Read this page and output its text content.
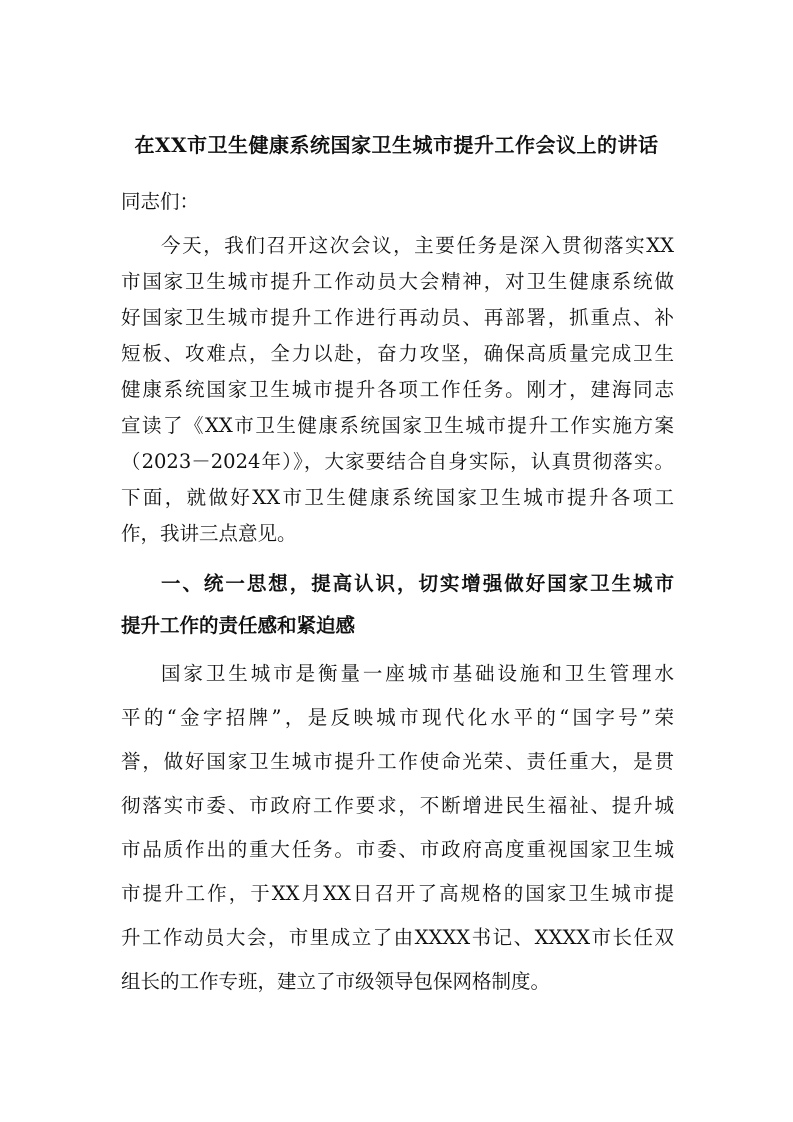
在XX市卫生健康系统国家卫生城市提升工作会议上的讲话
同志们：
今天，我们召开这次会议，主要任务是深入贯彻落实XX
市国家卫生城市提升工作动员大会精神，对卫生健康系统做
好国家卫生城市提升工作进行再动员、再部署，抓重点、补
短板、攻难点，全力以赴，奋力攻坚，确保高质量完成卫生
健康系统国家卫生城市提升各项工作任务。刚才，建海同志
宣读了《XX市卫生健康系统国家卫生城市提升工作实施方案
（2023－2024年）》，大家要结合自身实际，认真贯彻落实。
下面，就做好XX市卫生健康系统国家卫生城市提升各项工
作，我讲三点意见。
一、统一思想，提高认识，切实增强做好国家卫生城市
提升工作的责任感和紧迫感
国家卫生城市是衡量一座城市基础设施和卫生管理水
平的“金字招牌”，是反映城市现代化水平的“国字号”荣
誉，做好国家卫生城市提升工作使命光荣、责任重大，是贯
彻落实市委、市政府工作要求，不断增进民生福祉、提升城
市品质作出的重大任务。市委、市政府高度重视国家卫生城
市提升工作，于XX月XX日召开了高规格的国家卫生城市提
升工作动员大会，市里成立了由XXXX书记、XXXX市长任双
组长的工作专班，建立了市级领导包保网格制度。
